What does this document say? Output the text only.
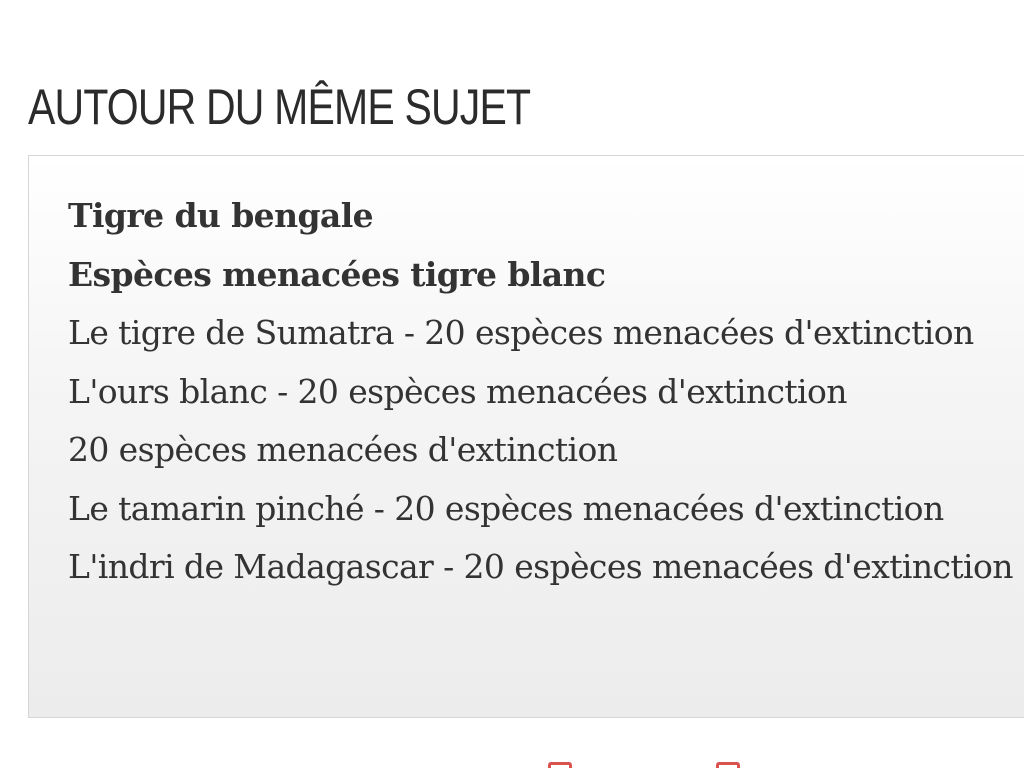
AUTOUR DU MÊME SUJET
Tigre du bengale
Espèces menacées tigre blanc
Le tigre de Sumatra - 20 espèces menacées d'extinction
L'ours blanc - 20 espèces menacées d'extinction
20 espèces menacées d'extinction
Le tamarin pinché - 20 espèces menacées d'extinction
L'indri de Madagascar - 20 espèces menacées d'extinction
